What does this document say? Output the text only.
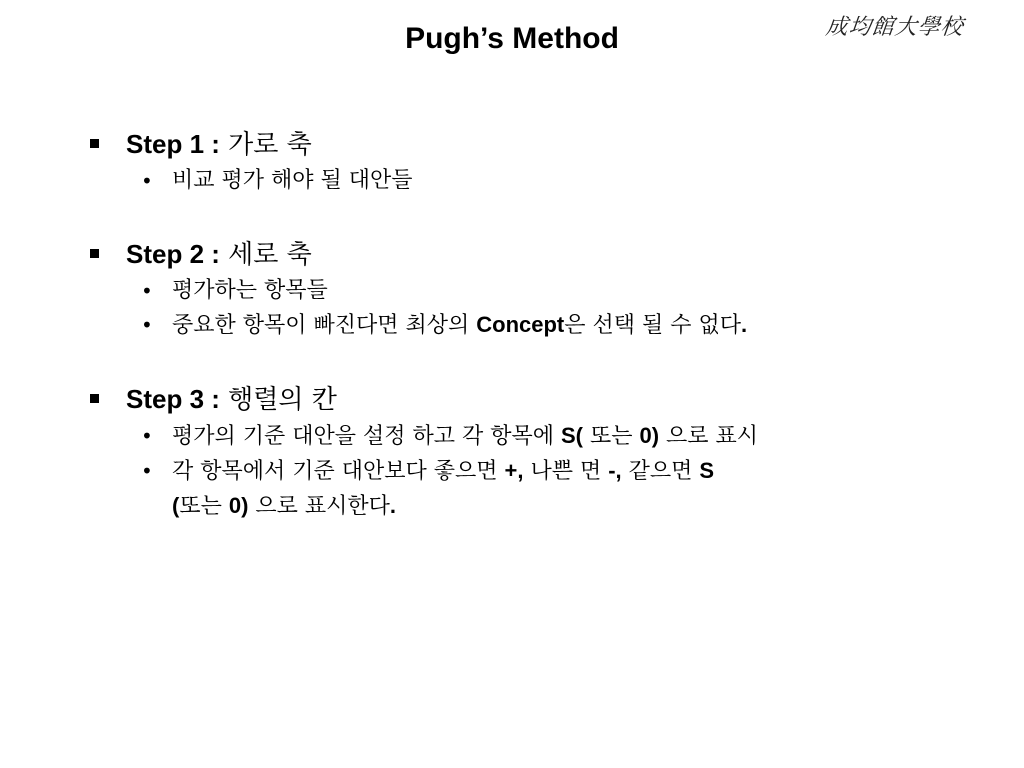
Pugh’s Method	成均館大學校
Step 1 : 가로 축
• 비교 평가 해야 될 대안들
Step 2 : 세로 축
• 평가하는 항목들
• 중요한 항목이 빠진다면 최상의 Concept은 선택 될 수 없다.
Step 3 : 행렬의 칸
• 평가의 기준 대안을 설정 하고 각 항목에 S( 또는 0) 으로 표시
• 각 항목에서 기준 대안보다 좋으면 +, 나쁜 면 -, 같으면 S
(또는 0) 으로 표시한다.
